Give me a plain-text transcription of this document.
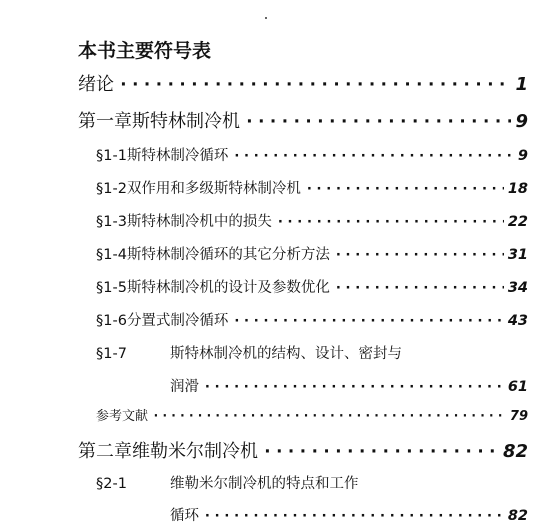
本书主要符号表
绪论 ·····	1
第一章 斯特林制冷机 ·····	9
§1-1 斯特林制冷循环 ·····	9
§1-2 双作用和多级斯特林制冷机 ·····	18
§1-3 斯特林制冷机中的损失 ·····	22
§1-4 斯特林制冷循环的其它分析方法 ·····	31
§1-5 斯特林制冷机的设计及参数优化 ·····	34
§1-6 分置式制冷循环 ·····	43
§1-7	斯特林制冷机的结构、设计、密封与
润滑 ·····	61
参考文献 ·····	79
第二章 维勒米尔制冷机 ·····	82
§2-1	维勒米尔制冷机的特点和工作
循环 ·····	82
